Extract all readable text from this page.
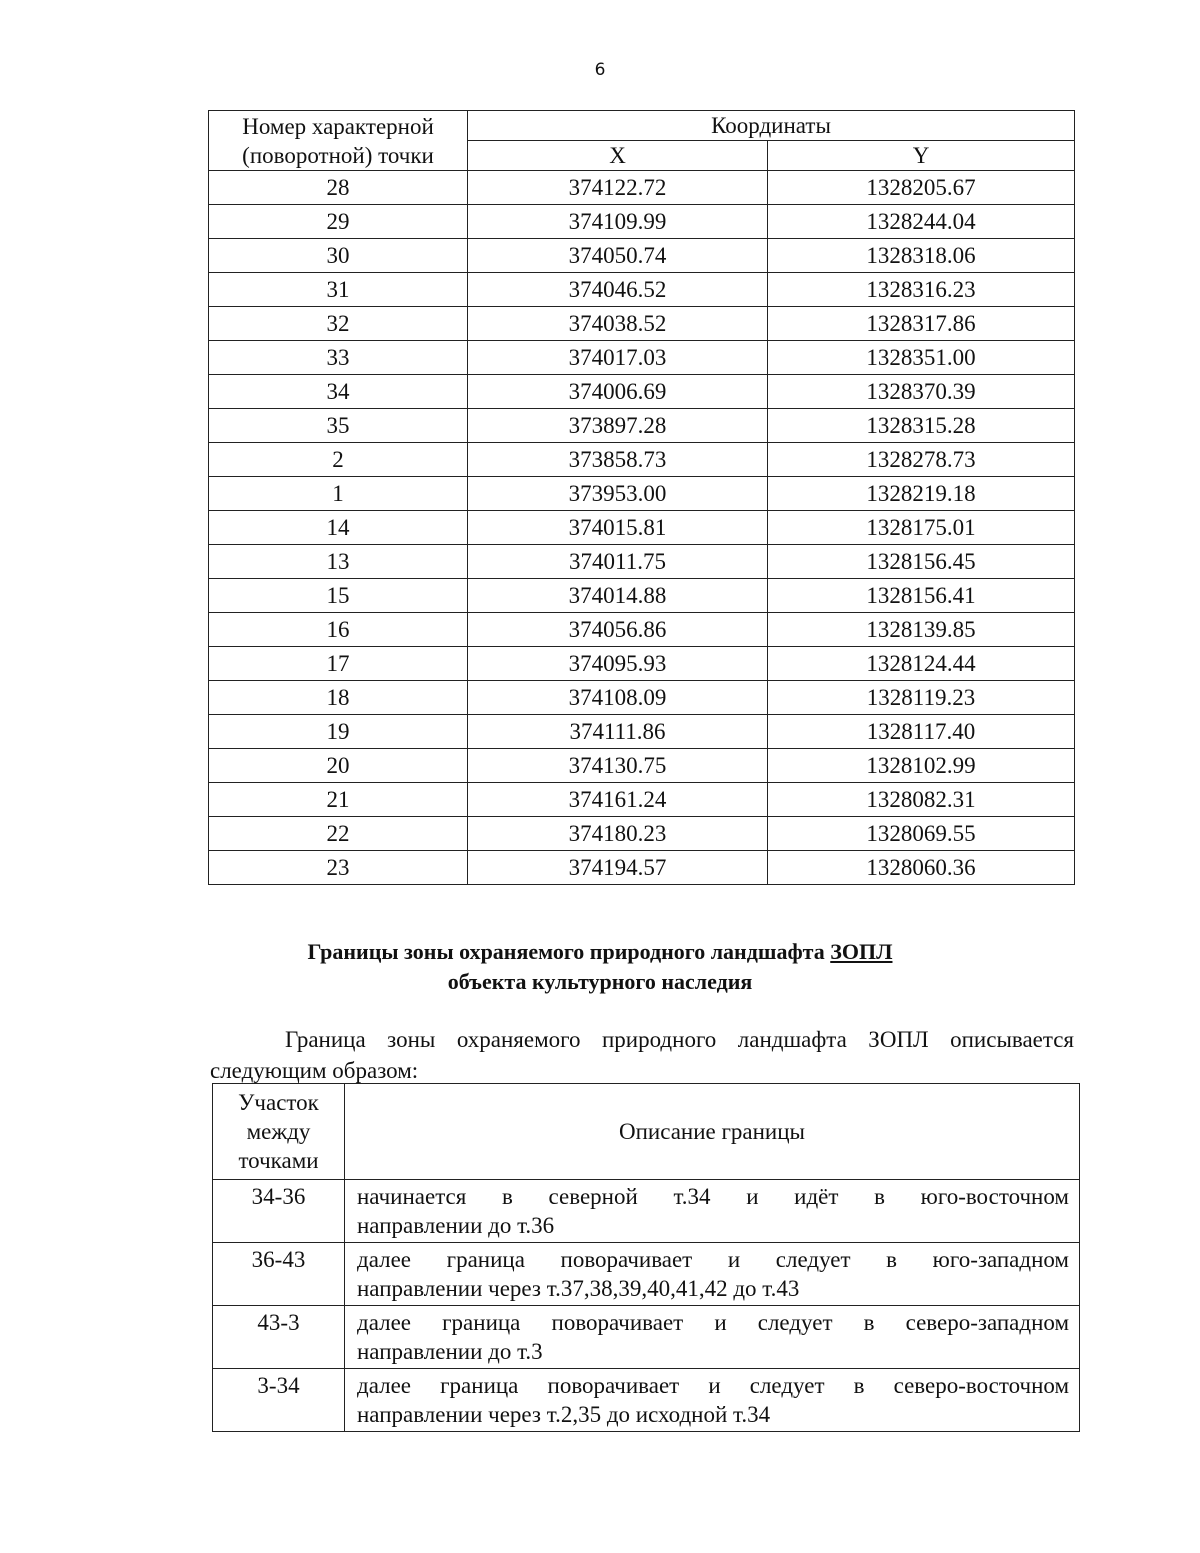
6
Номер характерной
(поворотной) точки	Координаты	
	X	Y
28	374122.72	1328205.67
29	374109.99	1328244.04
30	374050.74	1328318.06
31	374046.52	1328316.23
32	374038.52	1328317.86
33	374017.03	1328351.00
34	374006.69	1328370.39
35	373897.28	1328315.28
2	373858.73	1328278.73
1	373953.00	1328219.18
14	374015.81	1328175.01
13	374011.75	1328156.45
15	374014.88	1328156.41
16	374056.86	1328139.85
17	374095.93	1328124.44
18	374108.09	1328119.23
19	374111.86	1328117.40
20	374130.75	1328102.99
21	374161.24	1328082.31
22	374180.23	1328069.55
23	374194.57	1328060.36
Границы зоны охраняемого природного ландшафта ЗОПЛ
объекта культурного наследия
Граница зоны охраняемого природного ландшафта ЗОПЛ описывается
следующим образом:
Участок
между
точками	Описание границы
34-36	начинается в северной т.34 и идёт в юго-восточном
направлении до т.36

36-43	далее граница поворачивает и следует в юго-западном
направлении через т.37,38,39,40,41,42 до т.43

43-3	далее граница поворачивает и следует в северо-западном
направлении до т.3

3-34	далее граница поворачивает и следует в северо-восточном
направлении через т.2,35 до исходной т.34
